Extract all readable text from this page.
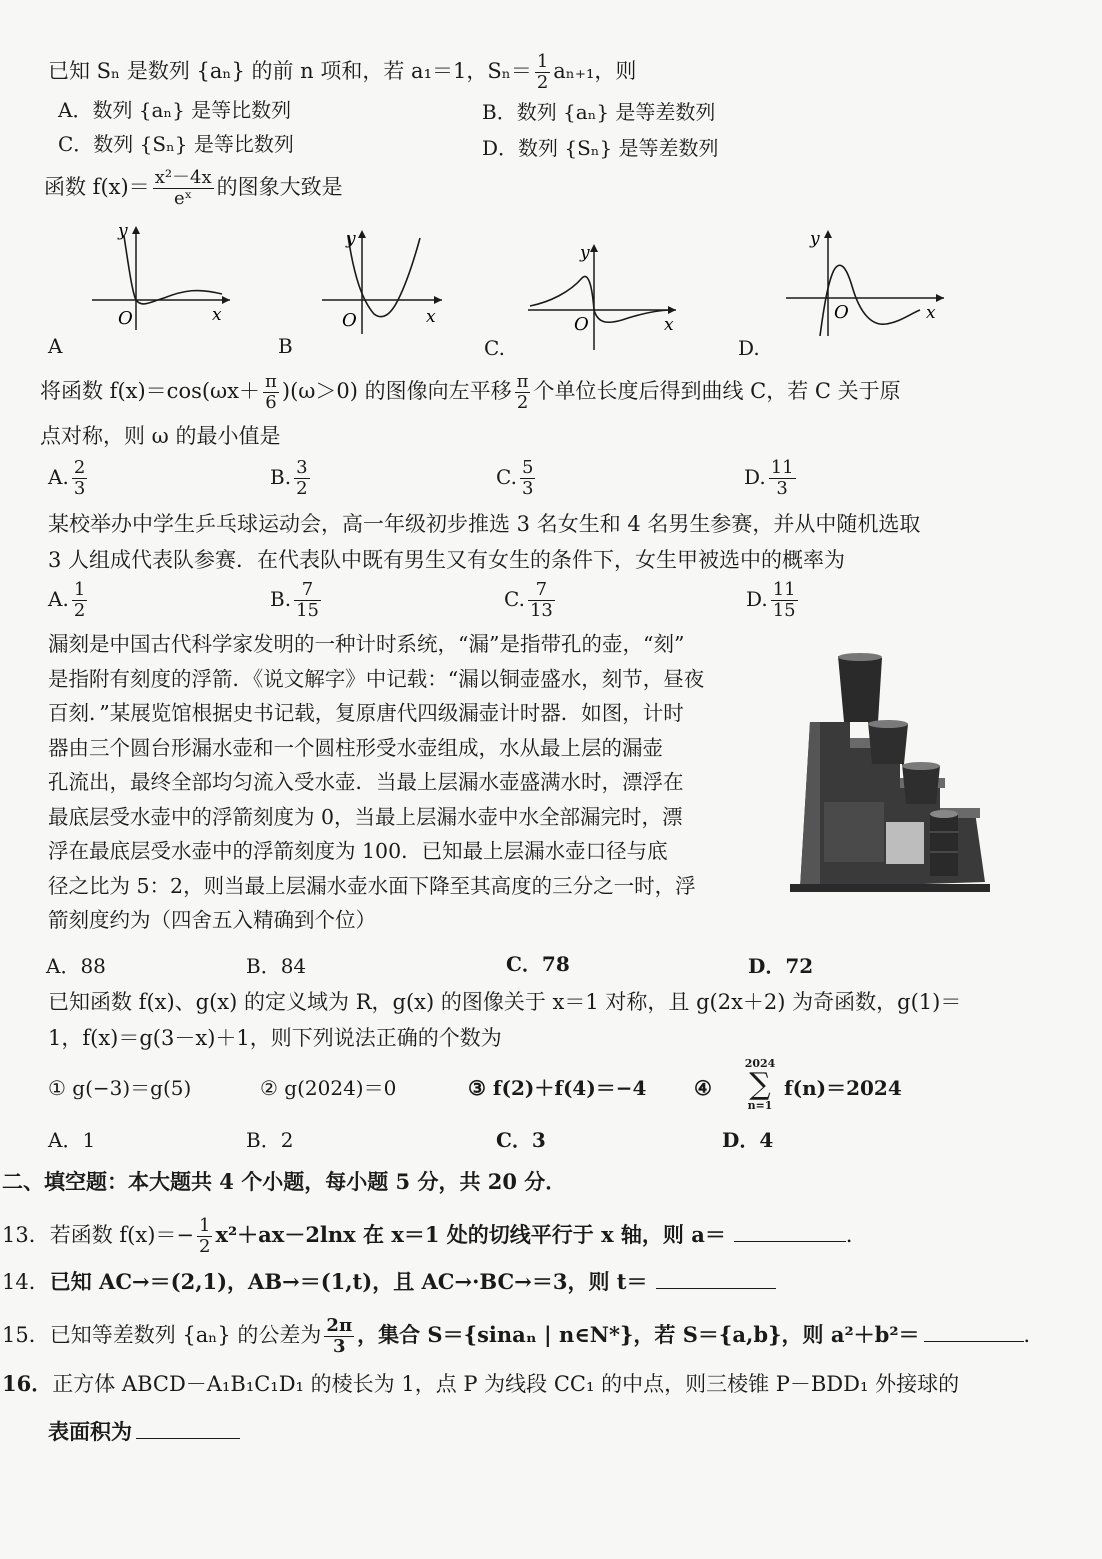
已知 Sₙ 是数列 {aₙ} 的前 n 项和，若 a₁＝1，$S_n= \frac{1}{2} a_{n+1}$，则
A．数列 {aₙ} 是等比数列	B．数列 {aₙ} 是等差数列
C．数列 {Sₙ} 是等比数列	D．数列 {Sₙ} 是等差数列
函数 $f(x)= \frac{\text{x²－4x}}{\text{eˣ}}$ 的图象大致是
O	x
y
A
O	x
y
B
O	x
y
C.
O	x
y
D.
将函数 $f(x)=\cos(\omega x+ \frac{\pi}{6} )(\omega>0)$ 的图像向左平移 $\frac{\pi}{2}$ 个单位长度后得到曲线 C，若 C 关于原
点对称，则 ω 的最小值是
A. $\frac{2}{3}$	B. $\frac{3}{2}$	C. $\frac{5}{3}$	D. $\frac{11}{3}$
某校举办中学生乒乓球运动会，高一年级初步推选 3 名女生和 4 名男生参赛，并从中随机选取
3 人组成代表队参赛．在代表队中既有男生又有女生的条件下，女生甲被选中的概率为
A. $\frac{1}{2}$	B. $\frac{7}{15}$	C. $\frac{7}{13}$	D. $\frac{11}{15}$
漏刻是中国古代科学家发明的一种计时系统，“漏”是指带孔的壶，“刻”
是指附有刻度的浮箭．《说文解字》中记载：“漏以铜壶盛水，刻节，昼夜
百刻．”某展览馆根据史书记载，复原唐代四级漏壶计时器．如图，计时
器由三个圆台形漏水壶和一个圆柱形受水壶组成，水从最上层的漏壶
孔流出，最终全部均匀流入受水壶．当最上层漏水壶盛满水时，漂浮在
最底层受水壶中的浮箭刻度为 0，当最上层漏水壶中水全部漏完时，漂
浮在最底层受水壶中的浮箭刻度为 100．已知最上层漏水壶口径与底
径之比为 5：2，则当最上层漏水壶水面下降至其高度的三分之一时，浮
箭刻度约为（四舍五入精确到个位）
A．88	B．84	C．78	D．72
已知函数 f(x)、g(x) 的定义域为 R，g(x) 的图像关于 x＝1 对称，且 g(2x＋2) 为奇函数，g(1)＝
1，f(x)＝g(3－x)＋1，则下列说法正确的个数为
① g(−3)＝g(5)	② g(2024)＝0	③ f(2)＋f(4)＝−4 ④
2024
∑
n=1
f(n)＝2024
A．1	B．2	C．3	D．4
二、填空题：本大题共 4 个小题，每小题 5 分，共 20 分．
13．若函数 $f(x)=- \frac{1}{2} x^2+ax-2\ln x$ 在 x＝1 处的切线平行于 x 轴，则 a＝	．
14．已知 AC→＝(2,1)，AB→＝(1,t)，且 AC→·BC→＝3，则 t＝
15．已知等差数列 {aₙ} 的公差为 $\frac{2\pi}{3}$ ，集合 S＝{sinaₙ | n∈N*}，若 S＝{a,b}，则 a²＋b²＝	．
16．正方体 ABCD－A₁B₁C₁D₁ 的棱长为 1，点 P 为线段 CC₁ 的中点，则三棱锥 P－BDD₁ 外接球的
表面积为
